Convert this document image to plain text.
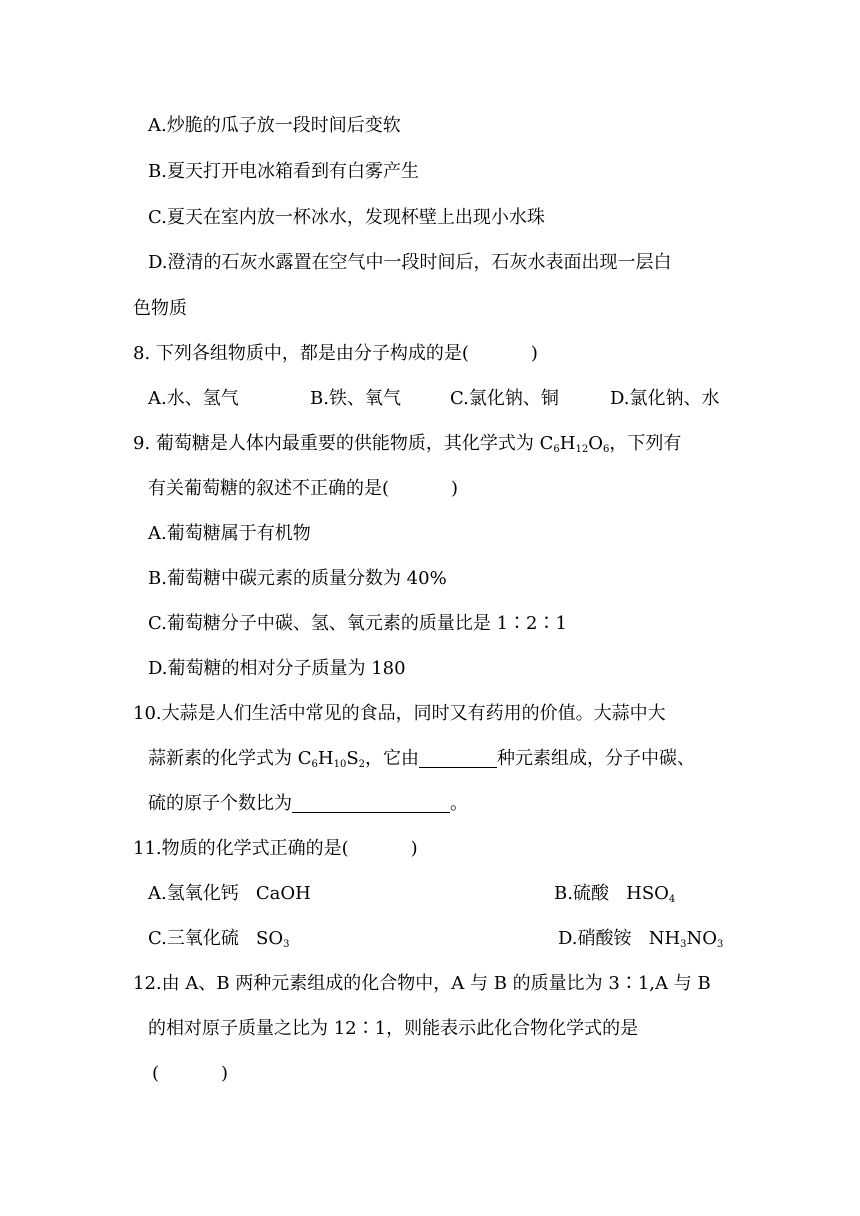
A.炒脆的瓜子放一段时间后变软
B.夏天打开电冰箱看到有白雾产生
C.夏天在室内放一杯冰水，发现杯壁上出现小水珠
D.澄清的石灰水露置在空气中一段时间后，石灰水表面出现一层白
色物质
8. 下列各组物质中，都是由分子构成的是(	)
A.水、氢气	B.铁、氧气	C.氯化钠、铜	D.氯化钠、水
9. 葡萄糖是人体内最重要的供能物质，其化学式为 $C_6H_{12}O_6$，下列有
有关葡萄糖的叙述不正确的是(	)
A.葡萄糖属于有机物
B.葡萄糖中碳元素的质量分数为 40%
C.葡萄糖分子中碳、氢、氧元素的质量比是 1∶2∶1
D.葡萄糖的相对分子质量为 180
10.大蒜是人们生活中常见的食品，同时又有药用的价值。大蒜中大
蒜新素的化学式为 $C_6H_{10}S_2$，它由	种元素组成，分子中碳、
硫的原子个数比为	。
11.物质的化学式正确的是(	)
A.氢氧化钙 CaOH	B.硫酸 $HSO_4$
C.三氧化硫 $SO_3$	D.硝酸铵 $NH_3NO_3$
12.由 A、B 两种元素组成的化合物中，A 与 B 的质量比为 3∶1,A 与 B
的相对原子质量之比为 12∶1，则能表示此化合物化学式的是
(	)
